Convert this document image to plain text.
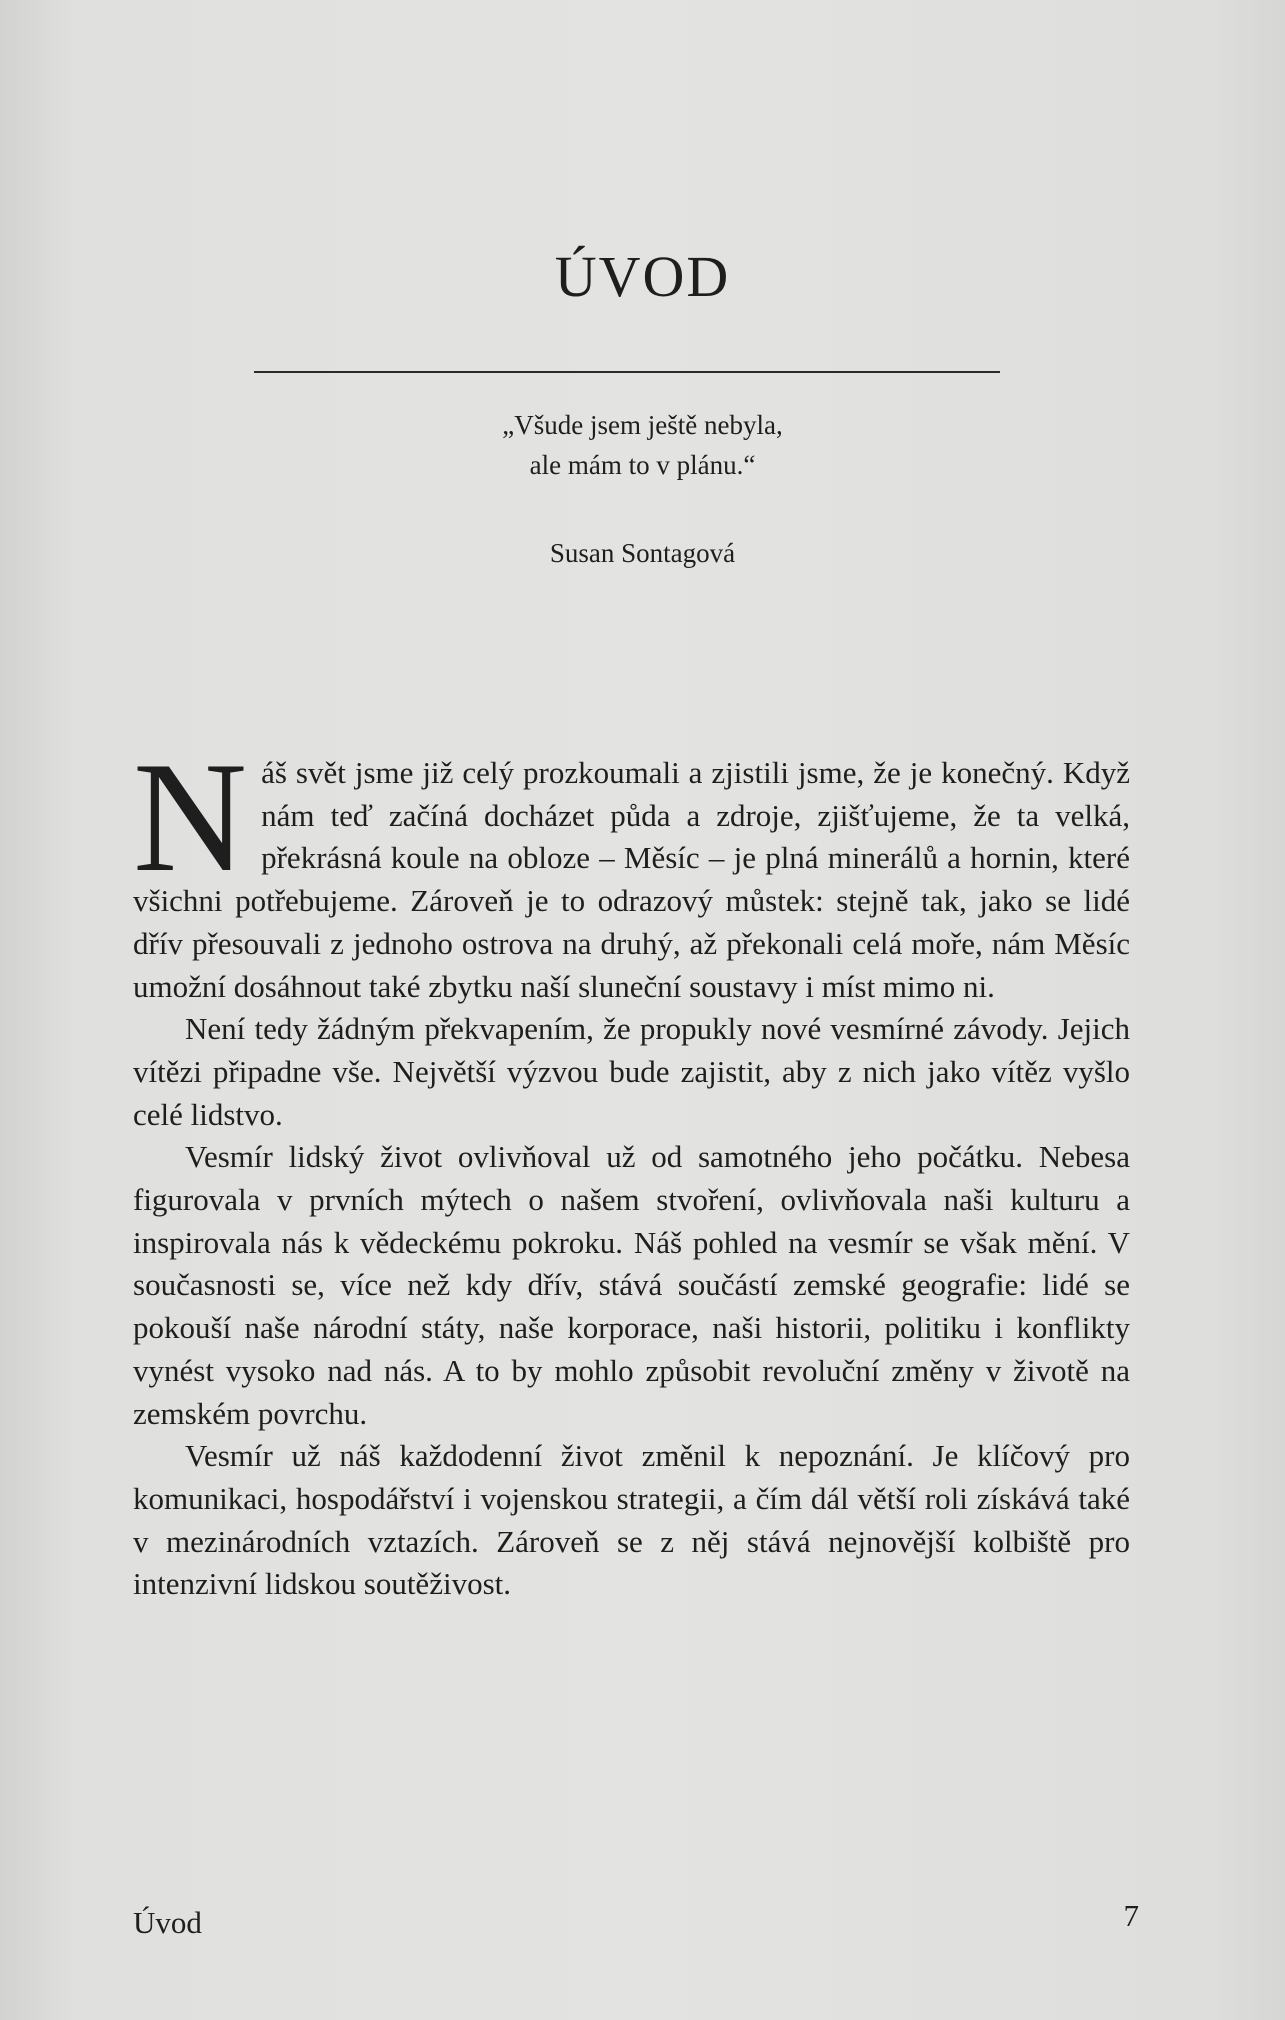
ÚVOD
„Všude jsem ještě nebyla,
ale mám to v plánu.“
Susan Sontagová

Náš svět jsme již celý prozkoumali a zjistili jsme, že je konečný. Když nám teď začíná docházet půda a zdroje, zjišťujeme, že ta velká, překrásná koule na obloze – Měsíc – je plná minerálů a hornin, které všichni potřebujeme. Zároveň je to odrazový můstek: stejně tak, jako se lidé dřív přesouvali z jednoho ostrova na druhý, až překonali celá moře, nám Měsíc umožní dosáhnout také zbytku naší sluneční soustavy i míst mimo ni.

Není tedy žádným překvapením, že propukly nové vesmírné závody. Jejich vítězi připadne vše. Největší výzvou bude zajistit, aby z nich jako vítěz vyšlo celé lidstvo.

Vesmír lidský život ovlivňoval už od samotného jeho počátku. Nebesa figurovala v prvních mýtech o našem stvoření, ovlivňovala naši kulturu a inspirovala nás k vědeckému pokroku. Náš pohled na vesmír se však mění. V současnosti se, více než kdy dřív, stává součástí zemské geografie: lidé se pokouší naše národní státy, naše korporace, naši historii, politiku i konflikty vynést vysoko nad nás. A to by mohlo způsobit revoluční změny v životě na zemském povrchu.

Vesmír už náš každodenní život změnil k nepoznání. Je klíčový pro komunikaci, hospodářství i vojenskou strategii, a čím dál větší roli získává také v mezinárodních vztazích. Zároveň se z něj stává nejnovější kolbiště pro intenzivní lidskou soutěživost.

Úvod	7
